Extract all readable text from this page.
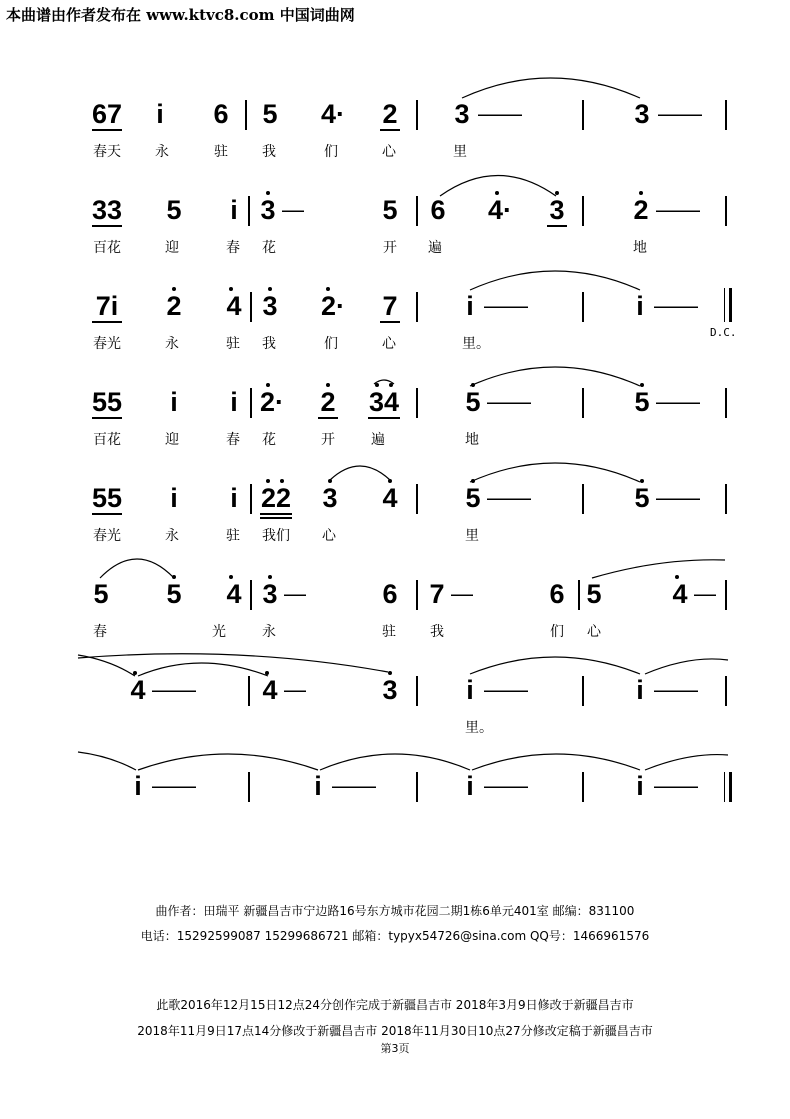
本曲谱由作者发布在 www.ktvc8.com 中国词曲网
67 i 6 5 4· 2 3 ——	3 ——
春天 永	驻 我	们	心	里
33 5 i 3 —	5 6 4· 3	2 ——
百花	迎	春 花	开 遍	地
7i 2 4 3 2· 7	i ——	i ——
D.C.
春光	永	驻 我	们	心	里。
55 i i 2· 2 34 5 ——	5 ——
百花	迎	春 花	开	遍	地
55 i i 22 3 4	5 ——	5 ——
春光	永	驻 我们 心	里
5 5 4 3 —	6 7 —	6 5	4 —
春	光	永	驻 我	们 心
4 —— 4 —	3	i ——	i ——
里。
i ——	i ——	i ——	i ——
曲作者：田瑞平 新疆昌吉市宁边路16号东方城市花园二期1栋6单元401室 邮编：831100
电话：15292599087 15299686721 邮箱：typyx54726@sina.com QQ号：1466961576
此歌2016年12月15日12点24分创作完成于新疆昌吉市 2018年3月9日修改于新疆昌吉市
2018年11月9日17点14分修改于新疆昌吉市 2018年11月30日10点27分修改定稿于新疆昌吉市
第3页
